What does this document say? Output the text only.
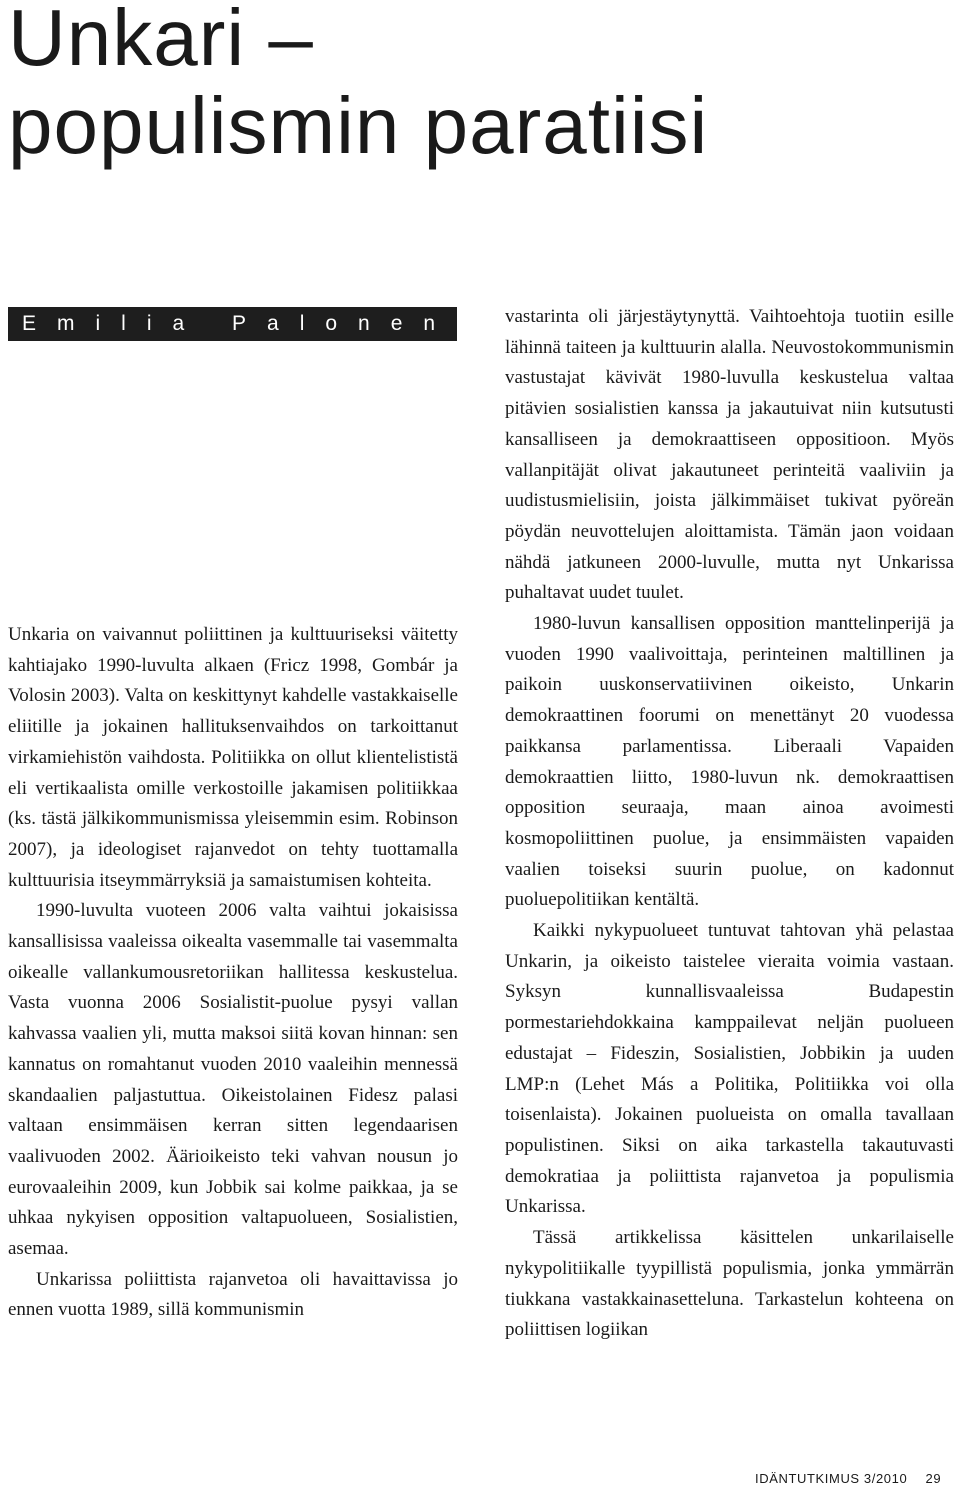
Unkari –
populismin paratiisi
Emilia Palonen

Unkaria on vaivannut poliittinen ja kulttuuriseksi väitetty kahtiajako 1990-luvulta alkaen (Fricz 1998, Gombár ja Volosin 2003). Valta on keskittynyt kahdelle vastakkaiselle eliitille ja jokainen hallituksenvaihdos on tarkoittanut virkamiehistön vaihdosta. Politiikka on ollut klientelististä eli vertikaalista omille verkostoille jakamisen politiikkaa (ks. tästä jälkikommunismissa yleisemmin esim. Robinson 2007), ja ideologiset rajanvedot on tehty tuottamalla kulttuurisia itseymmärryksiä ja samaistumisen kohteita.

1990-luvulta vuoteen 2006 valta vaihtui jokaisissa kansallisissa vaaleissa oikealta vasemmalle tai vasemmalta oikealle vallankumousretoriikan hallitessa keskustelua. Vasta vuonna 2006 Sosialistit-puolue pysyi vallan kahvassa vaalien yli, mutta maksoi siitä kovan hinnan: sen kannatus on romahtanut vuoden 2010 vaaleihin mennessä skandaalien paljastuttua. Oikeistolainen Fidesz palasi valtaan ensimmäisen kerran sitten legendaarisen vaalivuoden 2002. Äärioikeisto teki vahvan nousun jo eurovaaleihin 2009, kun Jobbik sai kolme paikkaa, ja se uhkaa nykyisen opposition valtapuolueen, Sosialistien, asemaa.

Unkarissa poliittista rajanvetoa oli havaittavissa jo ennen vuotta 1989, sillä kommunismin

vastarinta oli järjestäytynyttä. Vaihtoehtoja tuotiin esille lähinnä taiteen ja kulttuurin alalla. Neuvostokommunismin vastustajat kävivät 1980-luvulla keskustelua valtaa pitävien sosialistien kanssa ja jakautuivat niin kutsutusti kansalliseen ja demokraattiseen oppositioon. Myös vallanpitäjät olivat jakautuneet perinteitä vaaliviin ja uudistusmielisiin, joista jälkimmäiset tukivat pyöreän pöydän neuvottelujen aloittamista. Tämän jaon voidaan nähdä jatkuneen 2000-luvulle, mutta nyt Unkarissa puhaltavat uudet tuulet.

1980-luvun kansallisen opposition manttelinperijä ja vuoden 1990 vaalivoittaja, perinteinen maltillinen ja paikoin uuskonservatiivinen oikeisto, Unkarin demokraattinen foorumi on menettänyt 20 vuodessa paikkansa parlamentissa. Liberaali Vapaiden demokraattien liitto, 1980-luvun nk. demokraattisen opposition seuraaja, maan ainoa avoimesti kosmopoliittinen puolue, ja ensimmäisten vapaiden vaalien toiseksi suurin puolue, on kadonnut puoluepolitiikan kentältä.

Kaikki nykypuolueet tuntuvat tahtovan yhä pelastaa Unkarin, ja oikeisto taistelee vieraita voimia vastaan. Syksyn kunnallisvaaleissa Budapestin pormestariehdokkaina kamppailevat neljän puolueen edustajat – Fideszin, Sosialistien, Jobbikin ja uuden LMP:n (Lehet Más a Politika, Politiikka voi olla toisenlaista). Jokainen puolueista on omalla tavallaan populistinen. Siksi on aika tarkastella takautuvasti demokratiaa ja poliittista rajanvetoa ja populismia Unkarissa.

Tässä artikkelissa käsittelen unkarilaiselle nykypolitiikalle tyypillistä populismia, jonka ymmärrän tiukkana vastakkainasetteluna. Tarkastelun kohteena on poliittisen logiikan

IDÄNTUTKIMUS 3/2010 29
